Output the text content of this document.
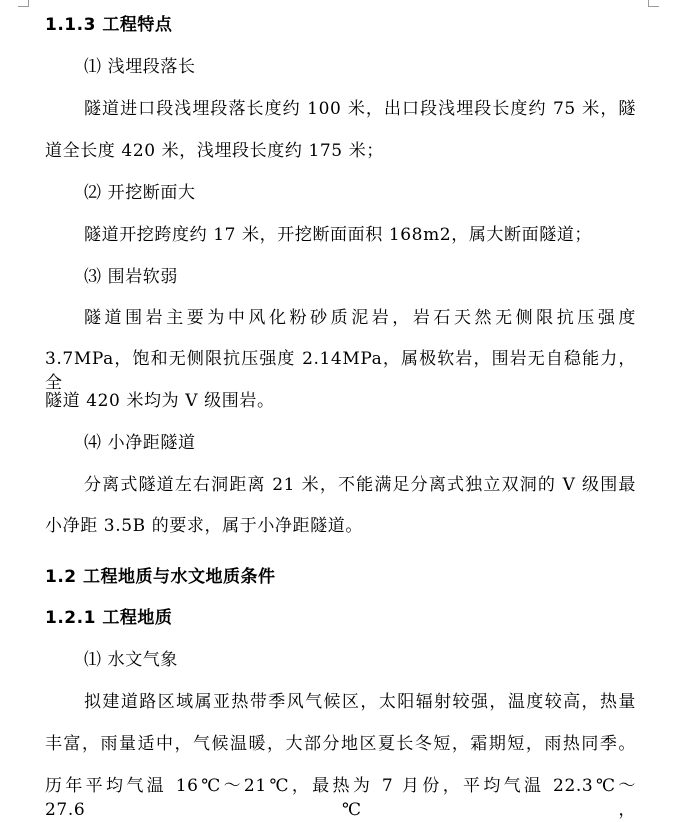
1.1.3 工程特点
⑴ 浅埋段落长
隧道进口段浅埋段落长度约 100 米，出口段浅埋段长度约 75 米，隧
道全长度 420 米，浅埋段长度约 175 米；
⑵ 开挖断面大
隧道开挖跨度约 17 米，开挖断面面积 168m2，属大断面隧道；
⑶ 围岩软弱
隧道围岩主要为中风化粉砂质泥岩，岩石天然无侧限抗压强度
3.7MPa，饱和无侧限抗压强度 2.14MPa，属极软岩，围岩无自稳能力，全
隧道 420 米均为 V 级围岩。
⑷ 小净距隧道
分离式隧道左右洞距离 21 米，不能满足分离式独立双洞的 V 级围最
小净距 3.5B 的要求，属于小净距隧道。
1.2 工程地质与水文地质条件
1.2.1 工程地质
⑴ 水文气象
拟建道路区域属亚热带季风气候区，太阳辐射较强，温度较高，热量
丰富，雨量适中，气候温暖，大部分地区夏长冬短，霜期短，雨热同季。
历年平均气温 16℃～21℃，最热为 7 月份，平均气温 22.3℃～27.6℃，
